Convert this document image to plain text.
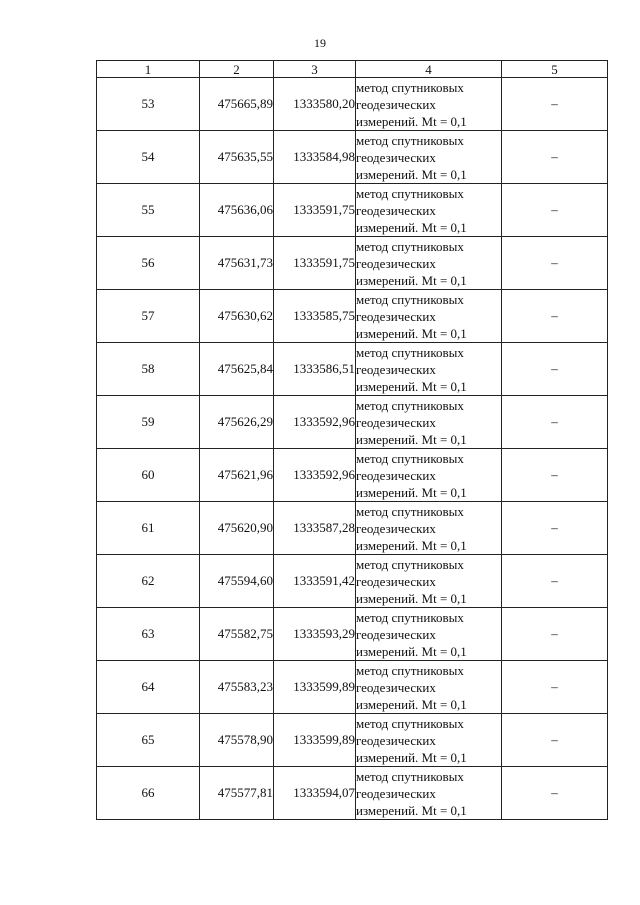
19
1	2	3	4	5
53	475665,89	1333580,20	метод спутниковых
геодезических
измерений. Mt = 0,1	–
54	475635,55	1333584,98	метод спутниковых
геодезических
измерений. Mt = 0,1	–
55	475636,06	1333591,75	метод спутниковых
геодезических
измерений. Mt = 0,1	–
56	475631,73	1333591,75	метод спутниковых
геодезических
измерений. Mt = 0,1	–
57	475630,62	1333585,75	метод спутниковых
геодезических
измерений. Mt = 0,1	–
58	475625,84	1333586,51	метод спутниковых
геодезических
измерений. Mt = 0,1	–
59	475626,29	1333592,96	метод спутниковых
геодезических
измерений. Mt = 0,1	–
60	475621,96	1333592,96	метод спутниковых
геодезических
измерений. Mt = 0,1	–
61	475620,90	1333587,28	метод спутниковых
геодезических
измерений. Mt = 0,1	–
62	475594,60	1333591,42	метод спутниковых
геодезических
измерений. Mt = 0,1	–
63	475582,75	1333593,29	метод спутниковых
геодезических
измерений. Mt = 0,1	–
64	475583,23	1333599,89	метод спутниковых
геодезических
измерений. Mt = 0,1	–
65	475578,90	1333599,89	метод спутниковых
геодезических
измерений. Mt = 0,1	–
66	475577,81	1333594,07	метод спутниковых
геодезических
измерений. Mt = 0,1	–
